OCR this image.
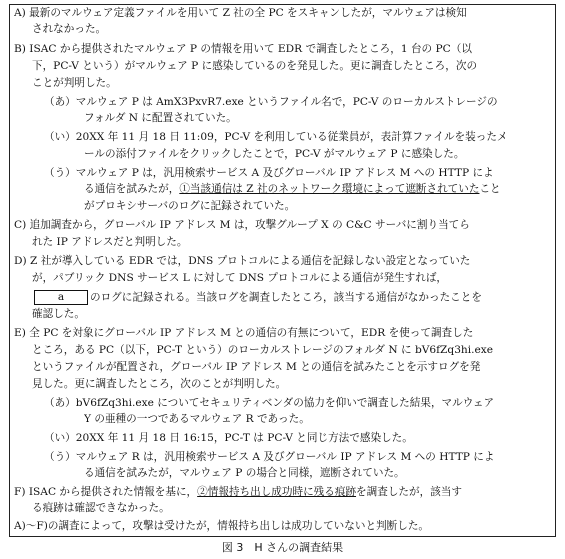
A) 最新のマルウェア定義ファイルを用いて Z 社の全 PC をスキャンしたが，マルウェアは検知
されなかった。
B) ISAC から提供されたマルウェア P の情報を用いて EDR で調査したところ，1 台の PC（以
下，PC-V という）がマルウェア P に感染しているのを発見した。更に調査したところ，次の
ことが判明した。
（あ）マルウェア P は AmX3PxvR7.exe というファイル名で，PC-V のローカルストレージの
フォルダ N に配置されていた。
（い）20XX 年 11 月 18 日 11:09，PC-V を利用している従業員が，表計算ファイルを装ったメ
ールの添付ファイルをクリックしたことで，PC-V がマルウェア P に感染した。
（う）マルウェア P は，汎用検索サービス A 及びグローバル IP アドレス M への HTTP によ
る通信を試みたが，①当該通信は Z 社のネットワーク環境によって遮断されていたこと
がプロキシサーバのログに記録されていた。
C) 追加調査から，グローバル IP アドレス M は，攻撃グループ X の C&C サーバに割り当てら
れた IP アドレスだと判明した。
D) Z 社が導入している EDR では，DNS プロトコルによる通信を記録しない設定となっていた
が，パブリック DNS サービス L に対して DNS プロトコルによる通信が発生すれば，
a のログに記録される。当該ログを調査したところ，該当する通信がなかったことを
確認した。
E) 全 PC を対象にグローバル IP アドレス M との通信の有無について，EDR を使って調査した
ところ，ある PC（以下，PC-T という）のローカルストレージのフォルダ N に bV6fZq3hi.exe
というファイルが配置され，グローバル IP アドレス M との通信を試みたことを示すログを発
見した。更に調査したところ，次のことが判明した。
（あ）bV6fZq3hi.exe についてセキュリティベンダの協力を仰いで調査した結果，マルウェア
Y の亜種の一つであるマルウェア R であった。
（い）20XX 年 11 月 18 日 16:15，PC-T は PC-V と同じ方法で感染した。
（う）マルウェア R は，汎用検索サービス A 及びグローバル IP アドレス M への HTTP によ
る通信を試みたが，マルウェア P の場合と同様，遮断されていた。
F) ISAC から提供された情報を基に，②情報持ち出し成功時に残る痕跡を調査したが，該当す
る痕跡は確認できなかった。
A)〜F)の調査によって，攻撃は受けたが，情報持ち出しは成功していないと判断した。
図 3　H さんの調査結果
